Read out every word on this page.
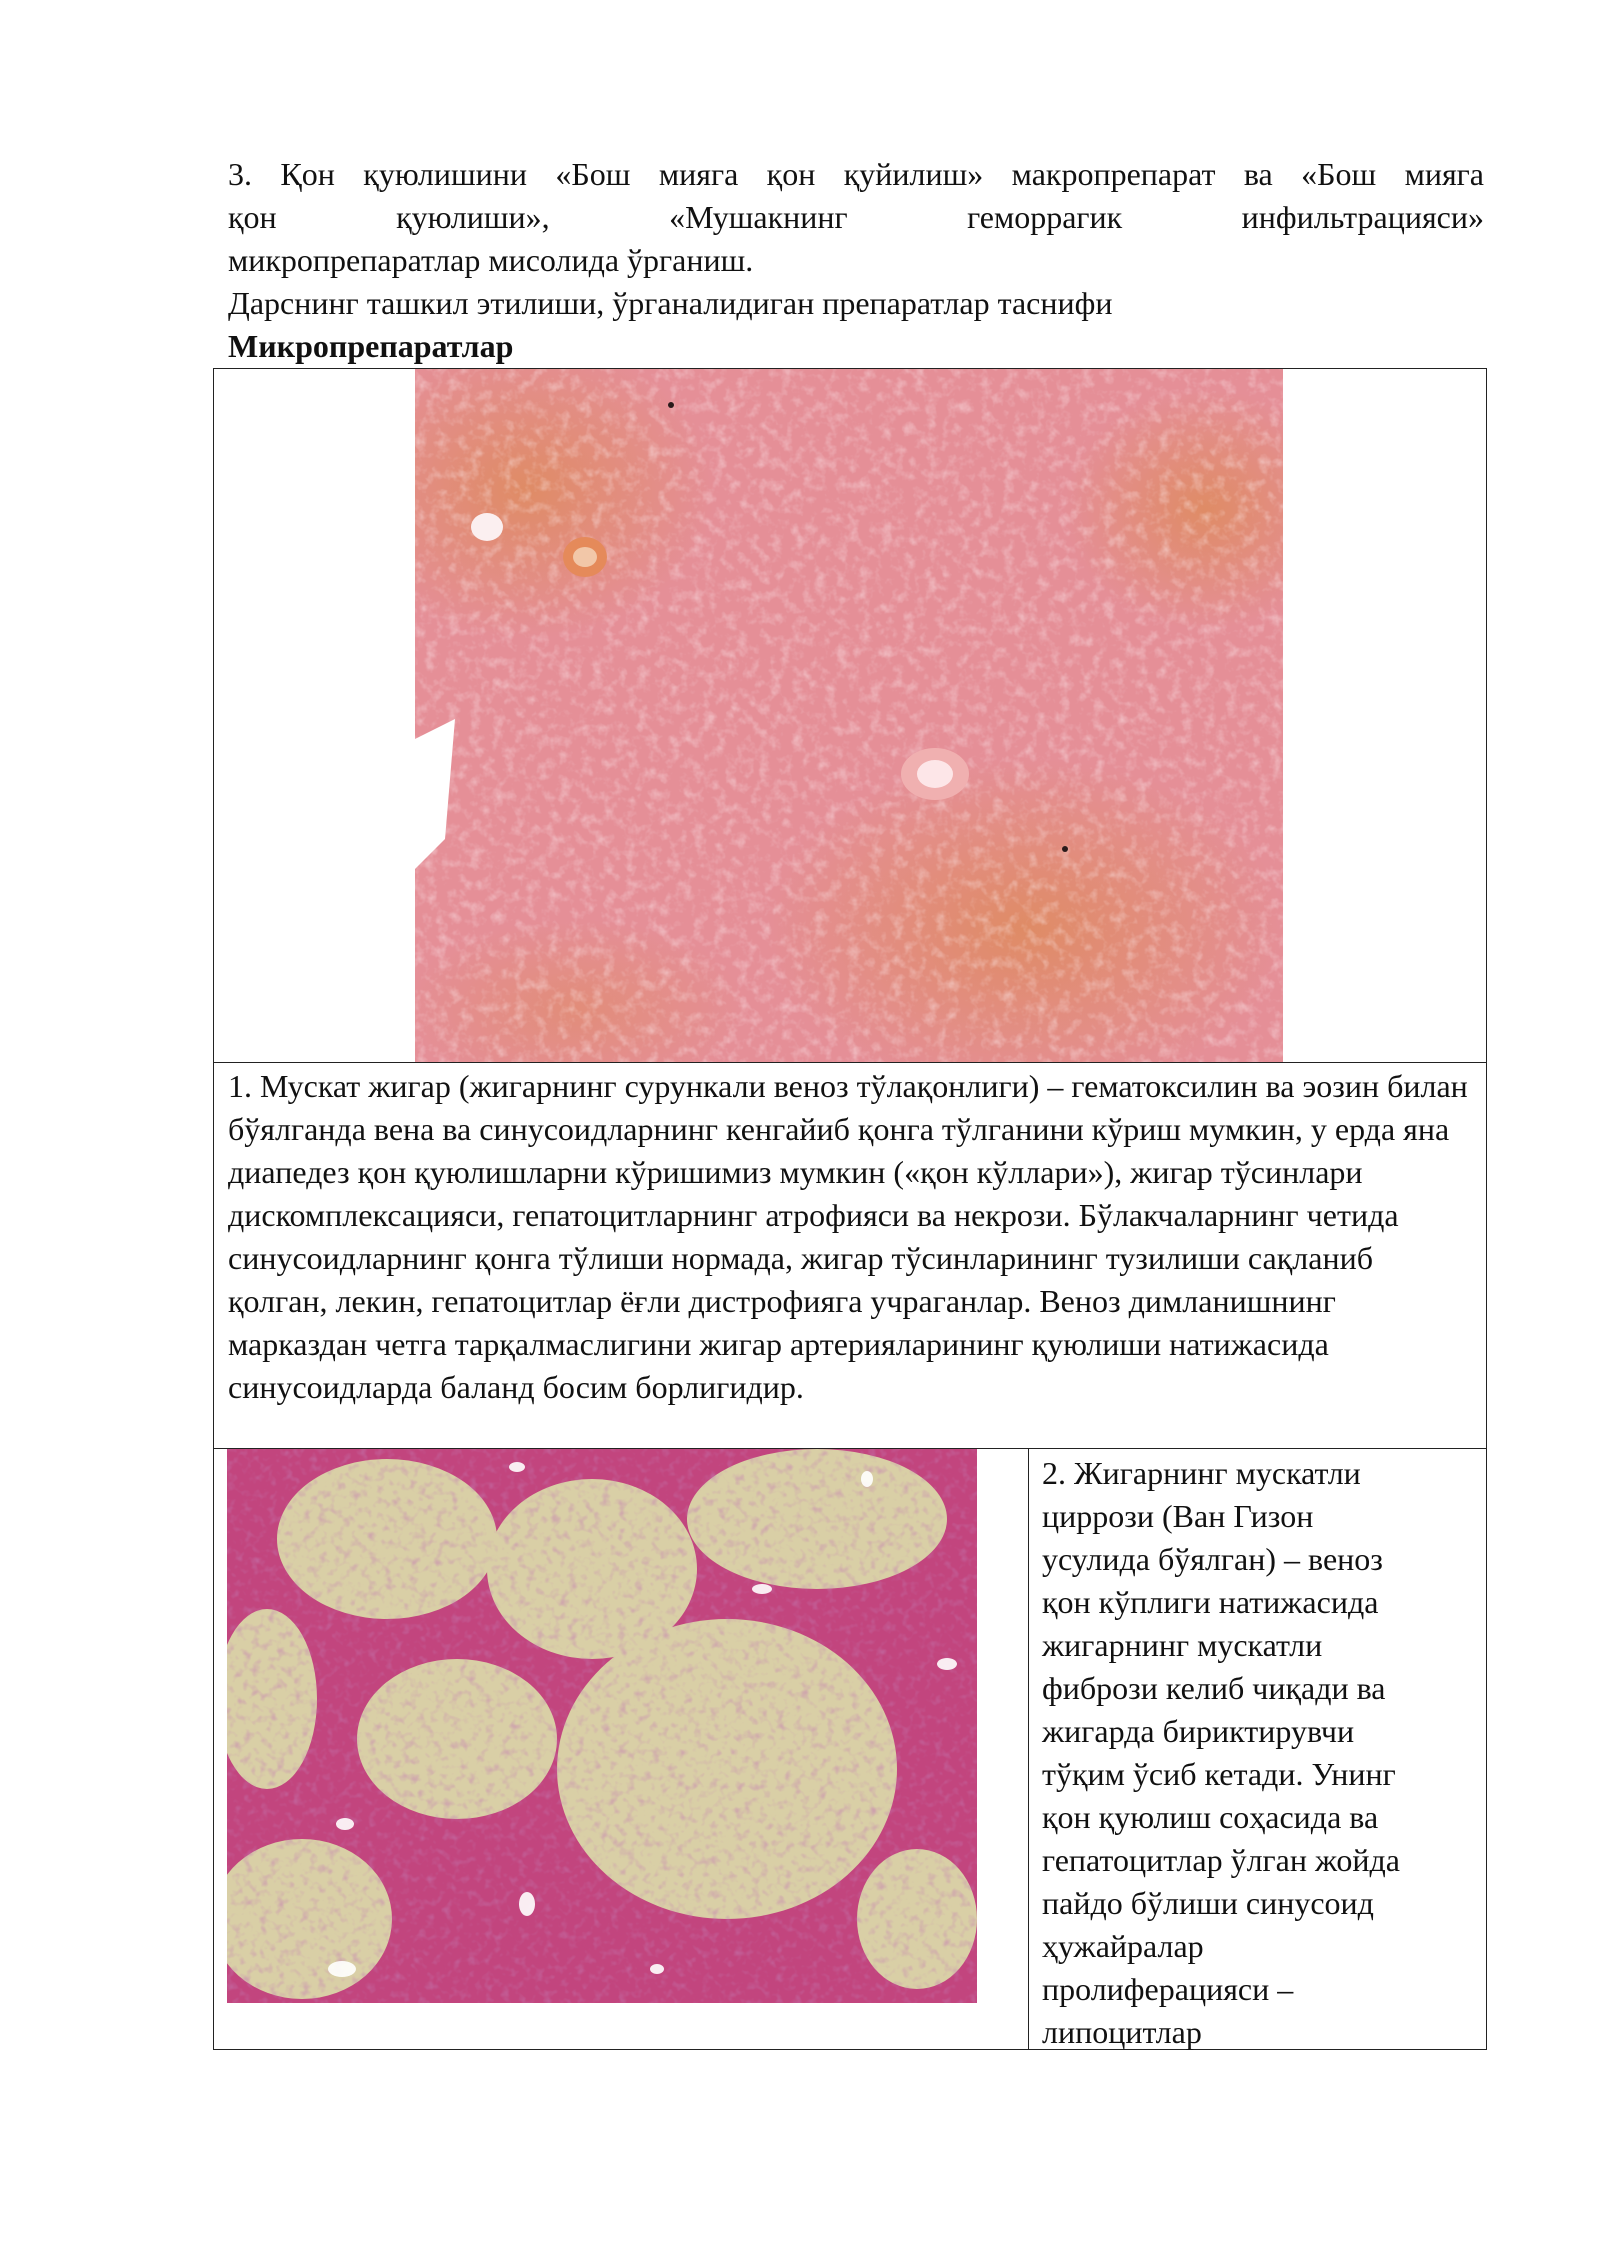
3. Қон қуюлишини «Бош мияга қон қуйилиш» макропрепарат ва «Бош мияга

қон қуюлиши», «Мушакнинг геморрагик инфильтрацияси»

микропрепаратлар мисолида ўрганиш.

Дарснинг ташкил этилиши, ўрганалидиган препаратлар таснифи

Микропрепаратлар

1. Мускат жигар (жигарнинг сурункали веноз тўлақонлиги) – гематоксилин ва эозин билан бўялганда вена ва синусоидларнинг кенгайиб қонга тўлганини кўриш мумкин, у ерда яна диапедез қон қуюлишларни кўришимиз мумкин («қон кўллари»), жигар тўсинлари дискомплексацияси, гепатоцитларнинг атрофияси ва некрози. Бўлакчаларнинг четида синусоидларнинг қонга тўлиши нормада, жигар тўсинларининг тузилиши сақланиб қолган, лекин, гепатоцитлар ёғли дистрофияга учраганлар. Веноз димланишнинг марказдан четга тарқалмаслигини жигар артерияларининг қуюлиши натижасида синусоидларда баланд босим борлигидир.

2. Жигарнинг мускатли

циррози (Ван Гизон

усулида бўялган) – веноз

қон кўплиги натижасида

жигарнинг мускатли

фибрози келиб чиқади ва

жигарда бириктирувчи

тўқим ўсиб кетади. Унинг

қон қуюлиш соҳасида ва

гепатоцитлар ўлган жойда

пайдо бўлиши синусоид

ҳужайралар

пролиферацияси –

липоцитлар
